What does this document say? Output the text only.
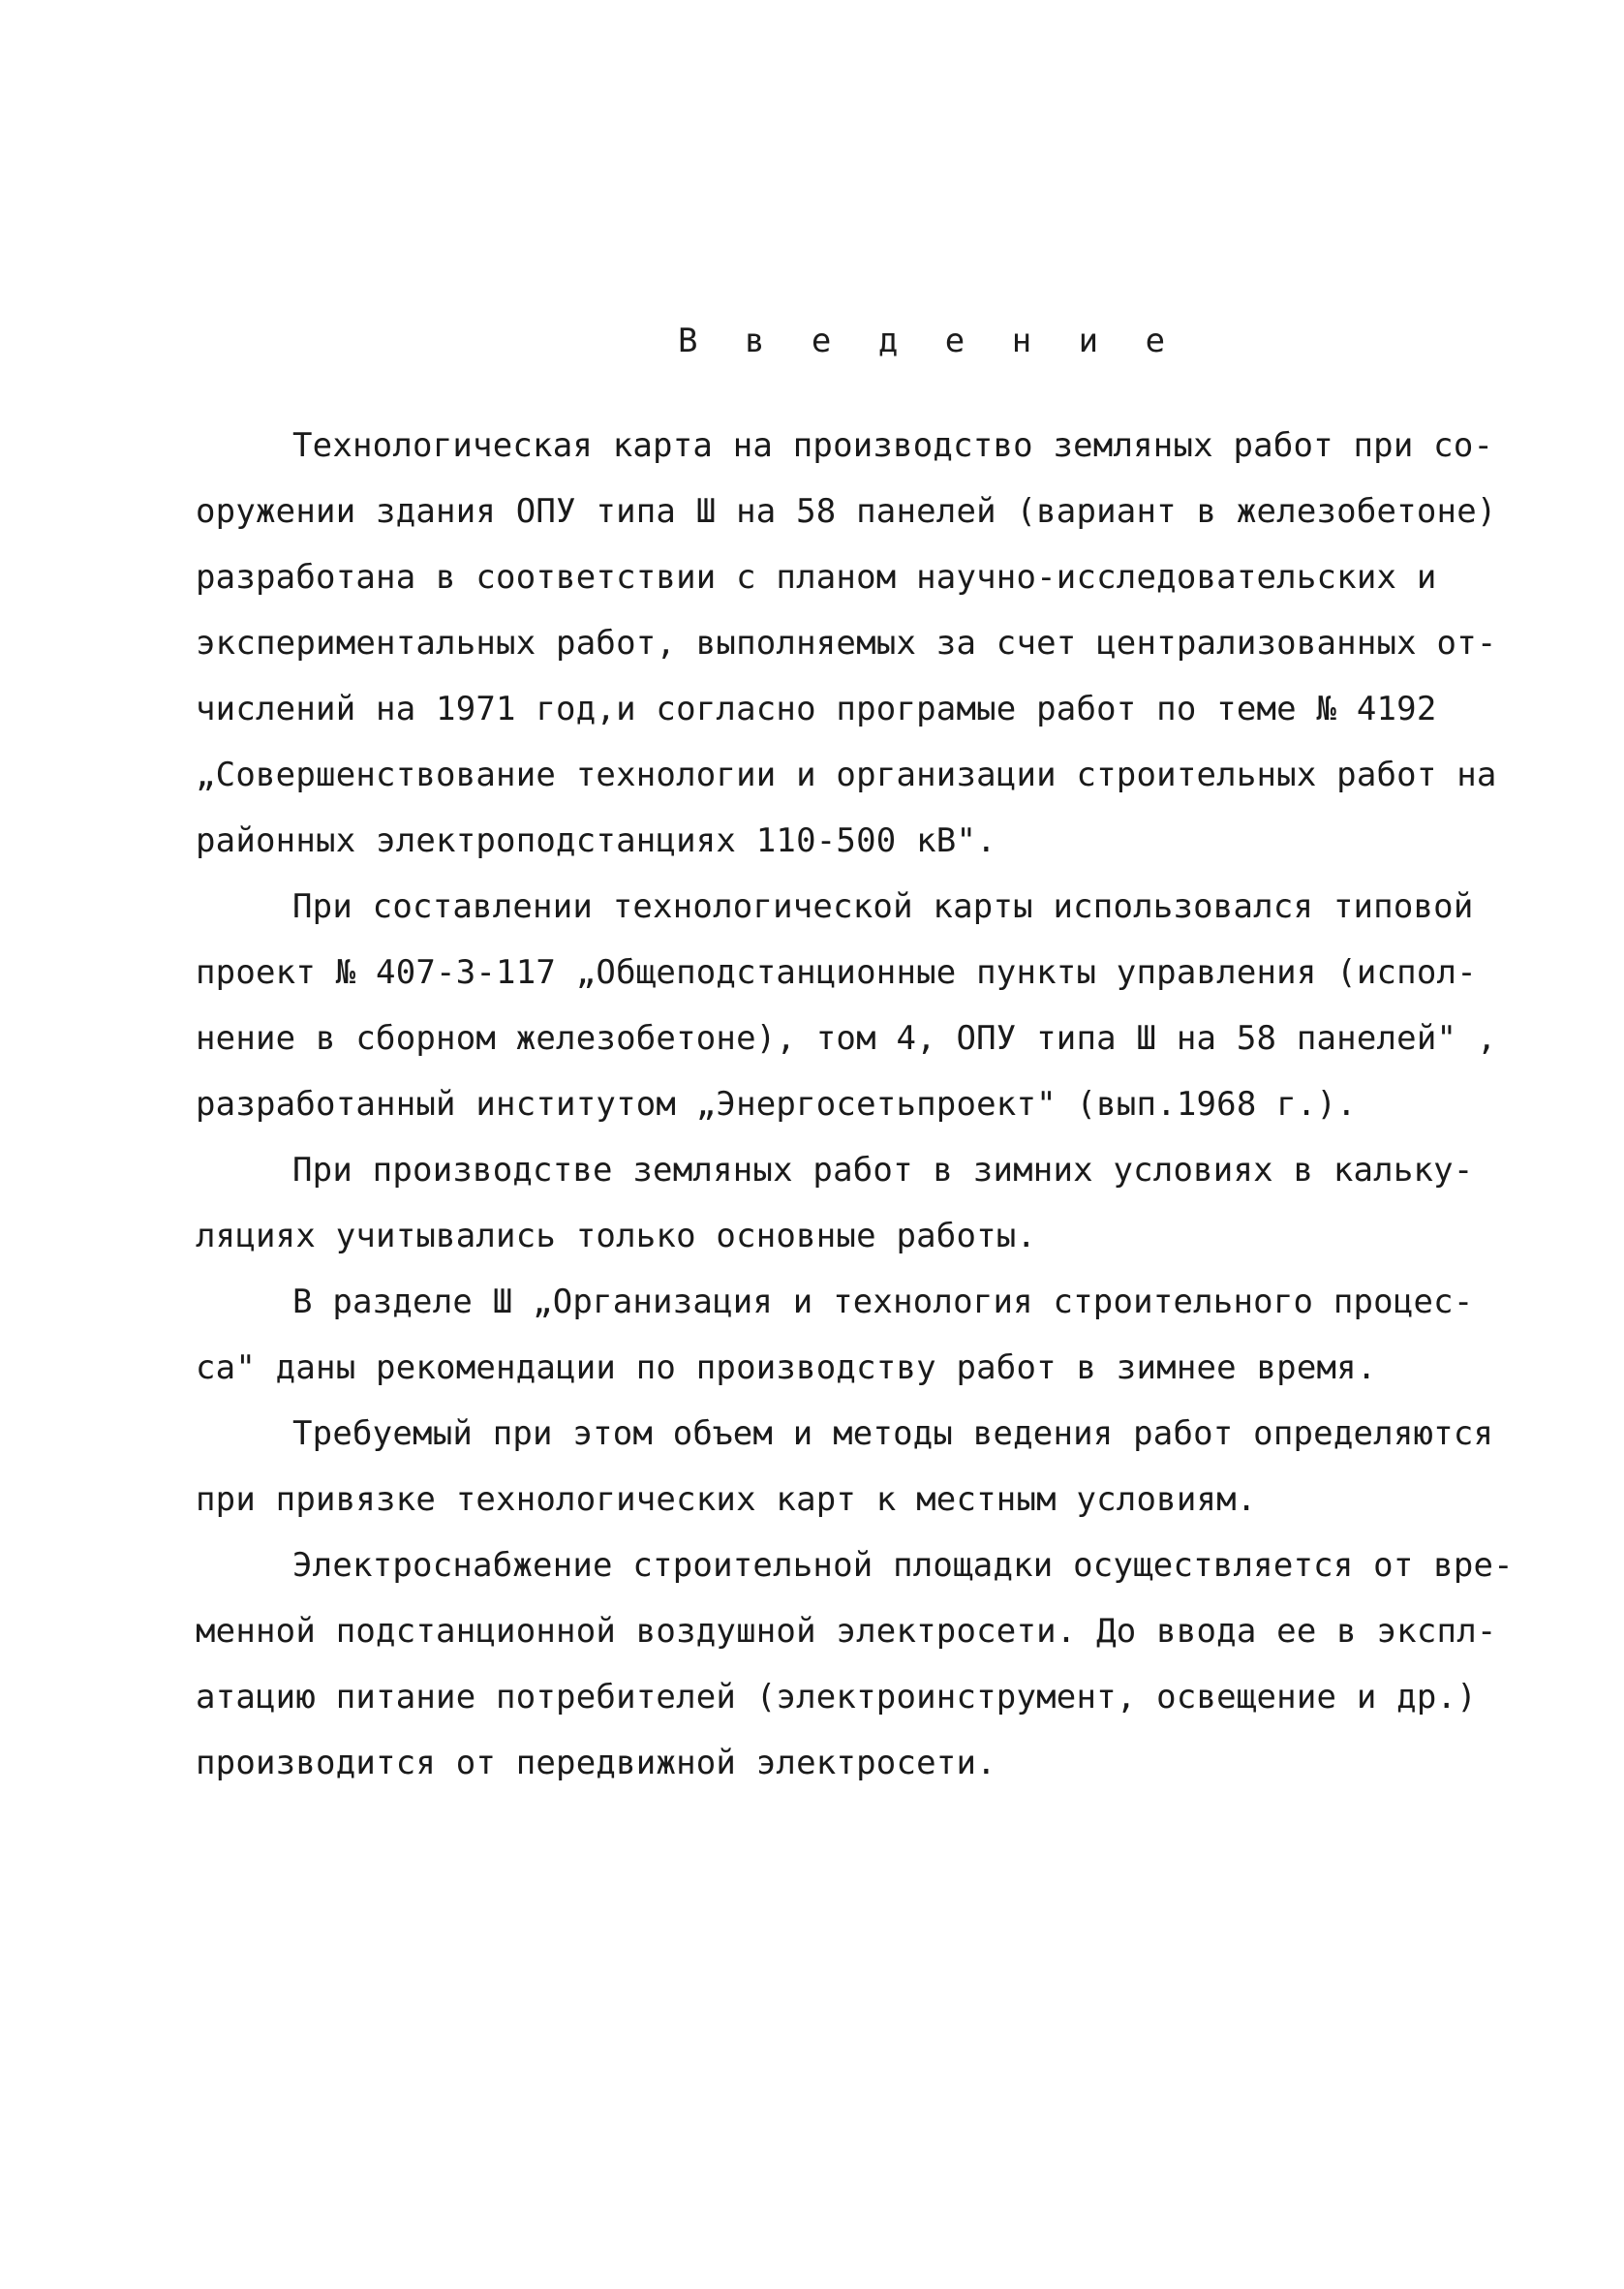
В в е д е н и е
Технологическая карта на производство земляных работ при со-
оружении здания ОПУ типа Ш на 58 панелей (вариант в железобетоне)
разработана в соответствии с планом научно-исследовательских и
экспериментальных работ, выполняемых за счет централизованных от-
числений на 1971 год,и согласно програмые работ по теме № 4192
„Совершенствование технологии и организации строительных работ на
районных электроподстанциях 110-500 кВ".
При составлении технологической карты использовался типовой
проект № 407-3-117 „Общеподстанционные пункты управления (испол-
нение в сборном железобетоне), том 4, ОПУ типа Ш на 58 панелей" ,
разработанный институтом „Энергосетьпроект" (вып.1968 г.).
При производстве земляных работ в зимних условиях в кальку-
ляциях учитывались только основные работы.
В разделе Ш „Организация и технология строительного процес-
са" даны рекомендации по производству работ в зимнее время.
Требуемый при этом объем и методы ведения работ определяются
при привязке технологических карт к местным условиям.
Электроснабжение строительной площадки осуществляется от вре-
менной подстанционной воздушной электросети. До ввода ее в экспл-
атацию питание потребителей (электроинструмент, освещение и др.)
производится от передвижной электросети.
